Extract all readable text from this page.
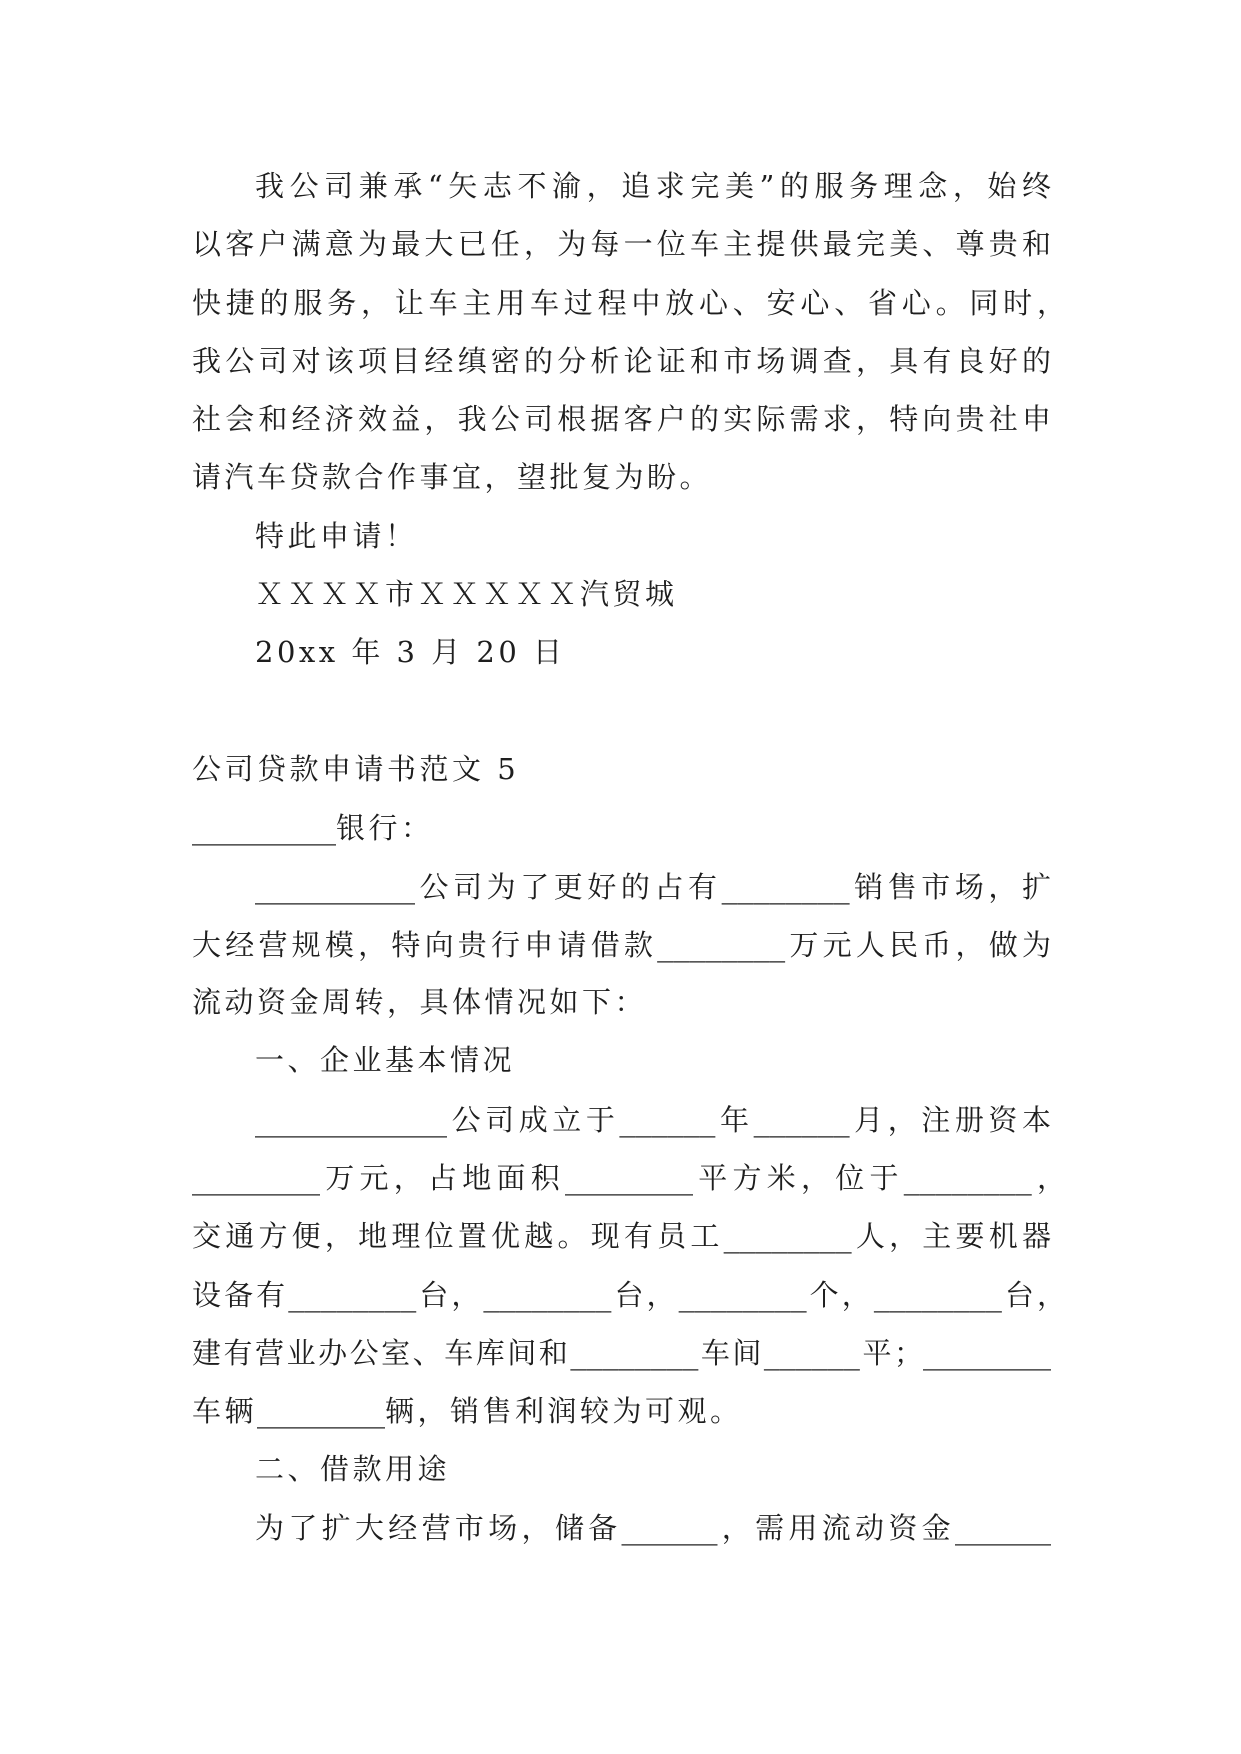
我公司兼承“矢志不渝，追求完美”的服务理念，始终
以客户满意为最大已任，为每一位车主提供最完美、尊贵和
快捷的服务，让车主用车过程中放心、安心、省心。同时，
我公司对该项目经缜密的分析论证和市场调查，具有良好的
社会和经济效益，我公司根据客户的实际需求，特向贵社申
请汽车贷款合作事宜，望批复为盼。
特此申请！
ＸＸＸＸ市ＸＸＸＸＸ汽贸城
20xx 年 3 月 20 日
公司贷款申请书范文 5
_________银行：
__________公司为了更好的占有________销售市场，扩
大经营规模，特向贵行申请借款________万元人民币，做为
流动资金周转，具体情况如下：
一、企业基本情况
____________公司成立于______年______月，注册资本
________万元，占地面积________平方米，位于________，
交通方便，地理位置优越。现有员工________人，主要机器
设备有________台，________台，________个，________台，
建有营业办公室、车库间和________车间______平；________
车辆________辆，销售利润较为可观。
二、借款用途
为了扩大经营市场，储备______，需用流动资金______
